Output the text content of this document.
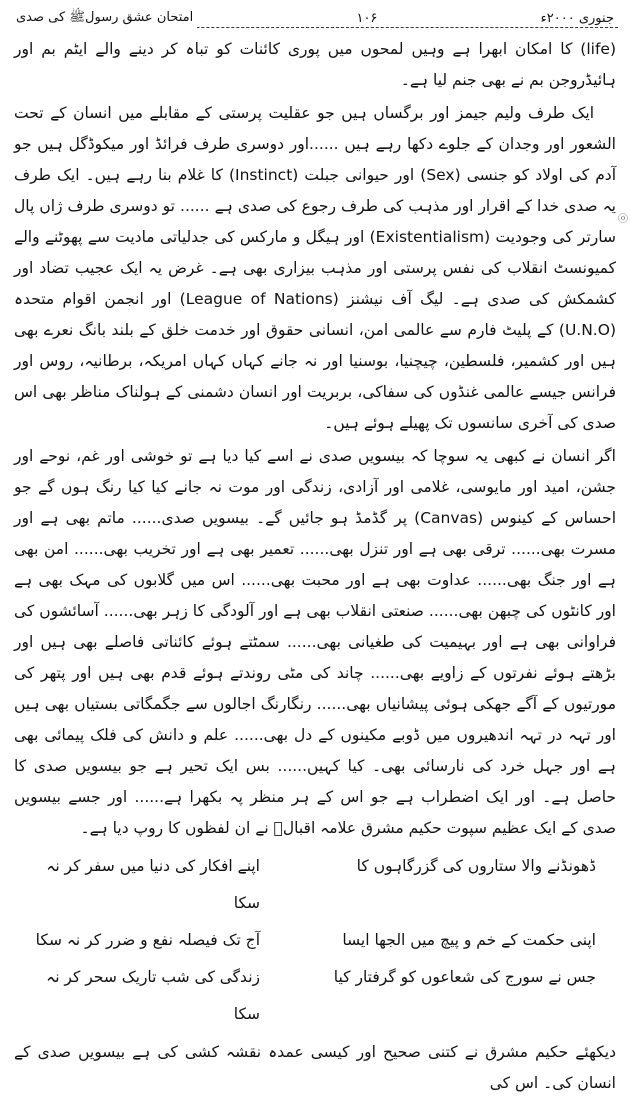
امتحان عشق رسولﷺ کی صدی	۱۰۶	جنوری ۲۰۰۰ء
ⓞ

(life) کا امکان ابھرا ہے وہیں لمحوں میں پوری کائنات کو تباہ کر دینے والے ایٹم بم اور ہائیڈروجن بم نے بھی جنم لیا ہے۔

ایک طرف ولیم جیمز اور برگساں ہیں جو عقلیت پرستی کے مقابلے میں انسان کے تحت الشعور اور وجدان کے جلوے دکھا رہے ہیں ......اور دوسری طرف فرائڈ اور میکوڈگل ہیں جو آدم کی اولاد کو جنسی (Sex) اور حیوانی جبلت (Instinct) کا غلام بنا رہے ہیں۔ ایک طرف یہ صدی خدا کے اقرار اور مذہب کی طرف رجوع کی صدی ہے ...... تو دوسری طرف ژاں پال سارتر کی وجودیت (Existentialism) اور ہیگل و مارکس کی جدلیاتی مادیت سے پھوٹنے والے کمیونسٹ انقلاب کی نفس پرستی اور مذہب بیزاری بھی ہے۔ غرض یہ ایک عجیب تضاد اور کشمکش کی صدی ہے۔ لیگ آف نیشنز (League of Nations) اور انجمن اقوام متحدہ (U.N.O) کے پلیٹ فارم سے عالمی امن، انسانی حقوق اور خدمت خلق کے بلند بانگ نعرے بھی ہیں اور کشمیر، فلسطین، چیچنیا، بوسنیا اور نہ جانے کہاں کہاں امریکہ، برطانیہ، روس اور فرانس جیسے عالمی غنڈوں کی سفاکی، بربریت اور انسان دشمنی کے ہولناک مناظر بھی اس صدی کی آخری سانسوں تک پھیلے ہوئے ہیں۔

اگر انسان نے کبھی یہ سوچا کہ بیسویں صدی نے اسے کیا دیا ہے تو خوشی اور غم، نوحے اور جشن، امید اور مایوسی، غلامی اور آزادی، زندگی اور موت نہ جانے کیا کیا رنگ ہوں گے جو احساس کے کینوس (Canvas) پر گڈمڈ ہو جائیں گے۔ بیسویں صدی...... ماتم بھی ہے اور مسرت بھی...... ترقی بھی ہے اور تنزل بھی...... تعمیر بھی ہے اور تخریب بھی...... امن بھی ہے اور جنگ بھی...... عداوت بھی ہے اور محبت بھی...... اس میں گلابوں کی مہک بھی ہے اور کانٹوں کی چبھن بھی...... صنعتی انقلاب بھی ہے اور آلودگی کا زہر بھی...... آسائشوں کی فراوانی بھی ہے اور بہیمیت کی طغیانی بھی...... سمٹتے ہوئے کائناتی فاصلے بھی ہیں اور بڑھتے ہوئے نفرتوں کے زاویے بھی...... چاند کی مٹی روندتے ہوئے قدم بھی ہیں اور پتھر کی مورتیوں کے آگے جھکی ہوئی پیشانیاں بھی...... رنگارنگ اجالوں سے جگمگاتی بستیاں بھی ہیں اور تہہ در تہہ اندھیروں میں ڈوبے مکینوں کے دل بھی...... علم و دانش کی فلک پیمائی بھی ہے اور جہل خرد کی نارسائی بھی۔ کیا کہیں...... بس ایک تحیر ہے جو بیسویں صدی کا حاصل ہے۔ اور ایک اضطراب ہے جو اس کے ہر منظر پہ بکھرا ہے...... اور جسے بیسویں صدی کے ایک عظیم سپوت حکیم مشرق علامہ اقبالؒ نے ان لفظوں کا روپ دیا ہے۔

ڈھونڈنے والا ستاروں کی گزرگاہوں کا
اپنے افکار کی دنیا میں سفر کر نہ سکا
اپنی حکمت کے خم و پیچ میں الجھا ایسا
آج تک فیصلہ نفع و ضرر کر نہ سکا
جس نے سورج کی شعاعوں کو گرفتار کیا
زندگی کی شب تاریک سحر کر نہ سکا

دیکھئے حکیم مشرق نے کتنی صحیح اور کیسی عمدہ نقشہ کشی کی ہے بیسویں صدی کے انسان کی۔ اس کی
